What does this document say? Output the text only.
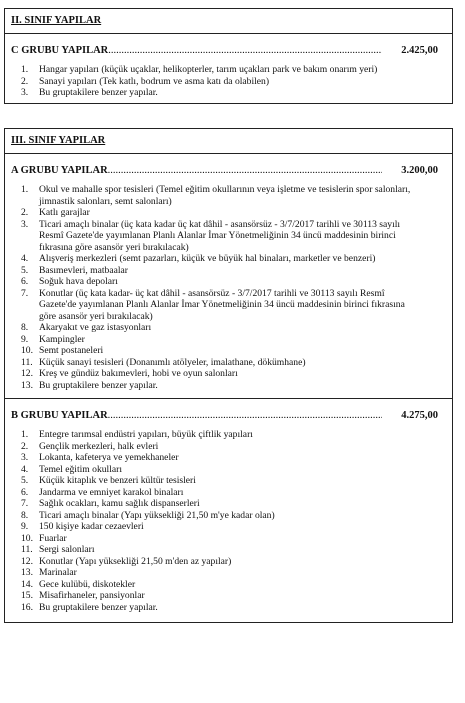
II. SINIF YAPILAR
C GRUBU YAPILAR .....	2.425,00
1.	Hangar yapıları (küçük uçaklar, helikopterler, tarım uçakları park ve bakım onarım yeri)
2.	Sanayi yapıları (Tek katlı, bodrum ve asma katı da olabilen)
3.	Bu gruptakilere benzer yapılar.
III. SINIF YAPILAR
A GRUBU YAPILAR .....	3.200,00
1.	Okul ve mahalle spor tesisleri (Temel eğitim okullarının veya işletme ve tesislerin spor salonları, jimnastik salonları, semt salonları)
2.	Katlı garajlar
3.	Ticari amaçlı binalar (üç kata kadar üç kat dâhil - asansörsüz - 3/7/2017 tarihli ve 30113 sayılı Resmî Gazete'de yayımlanan Planlı Alanlar İmar Yönetmeliğinin 34 üncü maddesinin birinci fıkrasına göre asansör yeri bırakılacak)
4.	Alışveriş merkezleri (semt pazarları, küçük ve büyük hal binaları, marketler ve benzeri)
5.	Basımevleri, matbaalar
6.	Soğuk hava depoları
7.	Konutlar (üç kata kadar- üç kat dâhil - asansörsüz - 3/7/2017 tarihli ve 30113 sayılı Resmî Gazete'de yayımlanan Planlı Alanlar İmar Yönetmeliğinin 34 üncü maddesinin birinci fıkrasına göre asansör yeri bırakılacak)
8.	Akaryakıt ve gaz istasyonları
9.	Kampingler
10. Semt postaneleri
11. Küçük sanayi tesisleri (Donanımlı atölyeler, imalathane, dökümhane)
12. Kreş ve gündüz bakımevleri, hobi ve oyun salonları
13. Bu gruptakilere benzer yapılar.
B GRUBU YAPILAR .....	4.275,00
1.	Entegre tarımsal endüstri yapıları, büyük çiftlik yapıları
2.	Gençlik merkezleri, halk evleri
3.	Lokanta, kafeterya ve yemekhaneler
4.	Temel eğitim okulları
5.	Küçük kitaplık ve benzeri kültür tesisleri
6.	Jandarma ve emniyet karakol binaları
7.	Sağlık ocakları, kamu sağlık dispanserleri
8.	Ticari amaçlı binalar (Yapı yüksekliği 21,50 m'ye kadar olan)
9.	150 kişiye kadar cezaevleri
10. Fuarlar
11. Sergi salonları
12. Konutlar (Yapı yüksekliği 21,50 m'den az yapılar)
13. Marinalar
14. Gece kulübü, diskotekler
15. Misafirhaneler, pansiyonlar
16. Bu gruptakilere benzer yapılar.
